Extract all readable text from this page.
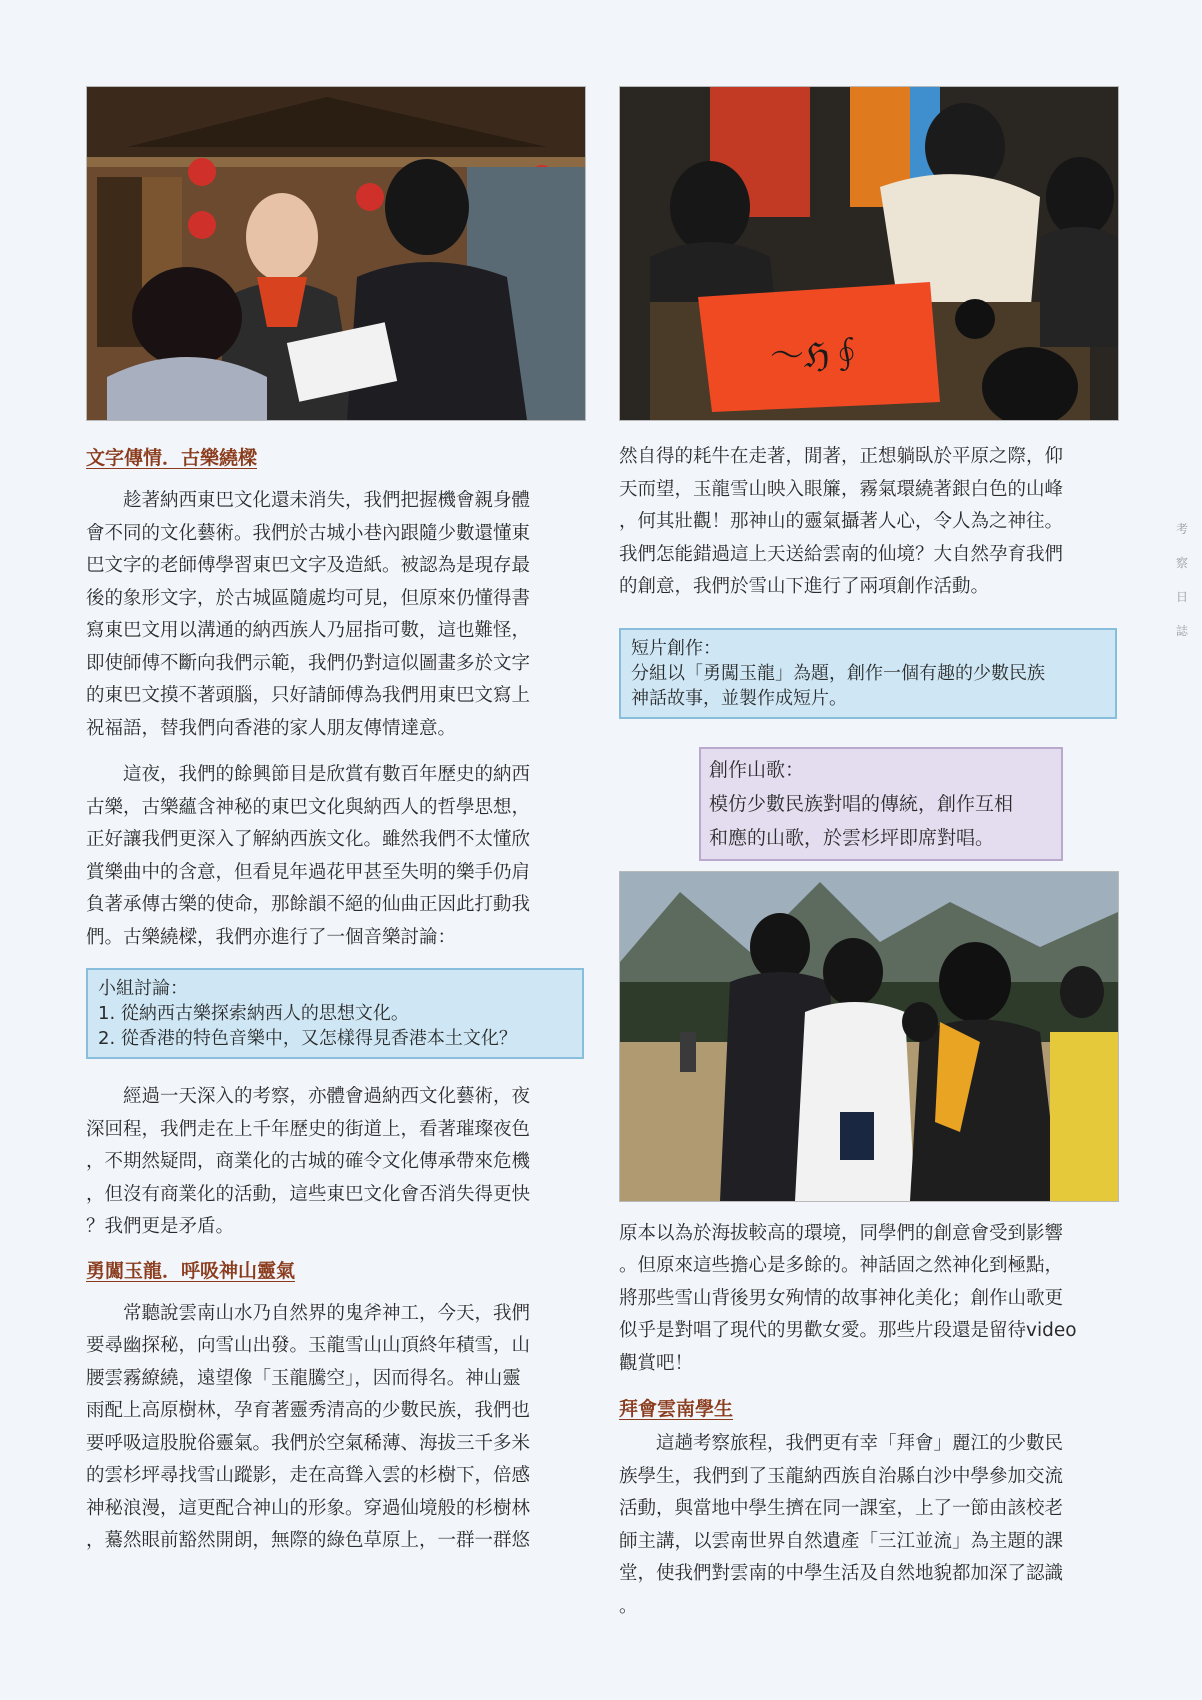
考
察
日
誌

文字傳情．古樂繞樑

趁著納西東巴文化還未消失，我們把握機會親身體
會不同的文化藝術。我們於古城小巷內跟隨少數還懂東
巴文字的老師傅學習東巴文字及造紙。被認為是現存最
後的象形文字，於古城區隨處均可見，但原來仍懂得書
寫東巴文用以溝通的納西族人乃屈指可數，這也難怪，
即使師傅不斷向我們示範，我們仍對這似圖畫多於文字
的東巴文摸不著頭腦，只好請師傅為我們用東巴文寫上
祝福語，替我們向香港的家人朋友傳情達意。
這夜，我們的餘興節目是欣賞有數百年歷史的納西
古樂，古樂蘊含神秘的東巴文化與納西人的哲學思想，
正好讓我們更深入了解納西族文化。雖然我們不太懂欣
賞樂曲中的含意，但看見年過花甲甚至失明的樂手仍肩
負著承傳古樂的使命，那餘韻不絕的仙曲正因此打動我
們。古樂繞樑，我們亦進行了一個音樂討論：
小組討論：
1. 從納西古樂探索納西人的思想文化。
2. 從香港的特色音樂中，又怎樣得見香港本土文化？
經過一天深入的考察，亦體會過納西文化藝術，夜
深回程，我們走在上千年歷史的街道上，看著璀璨夜色
，不期然疑問，商業化的古城的確令文化傳承帶來危機
，但沒有商業化的活動，這些東巴文化會否消失得更快
？我們更是矛盾。

勇闖玉龍．呼吸神山靈氣

常聽說雲南山水乃自然界的鬼斧神工，今天，我們
要尋幽探秘，向雪山出發。玉龍雪山山頂終年積雪，山
腰雲霧繚繞，遠望像「玉龍騰空」，因而得名。神山靈
雨配上高原樹林，孕育著靈秀清高的少數民族，我們也
要呼吸這股脫俗靈氣。我們於空氣稀薄、海拔三千多米
的雲杉坪尋找雪山蹤影，走在高聳入雲的杉樹下，倍感
神秘浪漫，這更配合神山的形象。穿過仙境般的杉樹林
，驀然眼前豁然開朗，無際的綠色草原上，一群一群悠
〜ℌ∮
然自得的耗牛在走著，閒著，正想躺臥於平原之際，仰
天而望，玉龍雪山映入眼簾，霧氣環繞著銀白色的山峰
，何其壯觀！那神山的靈氣攝著人心，令人為之神往。
我們怎能錯過這上天送給雲南的仙境？大自然孕育我們
的創意，我們於雪山下進行了兩項創作活動。
短片創作：
分組以「勇闖玉龍」為題，創作一個有趣的少數民族
神話故事，並製作成短片。
創作山歌：
模仿少數民族對唱的傳統，創作互相
和應的山歌，於雲杉坪即席對唱。
原本以為於海拔較高的環境，同學們的創意會受到影響
。但原來這些擔心是多餘的。神話固之然神化到極點，
將那些雪山背後男女殉情的故事神化美化；創作山歌更
似乎是對唱了現代的男歡女愛。那些片段還是留待video
觀賞吧！

拜會雲南學生

這趟考察旅程，我們更有幸「拜會」麗江的少數民
族學生，我們到了玉龍納西族自治縣白沙中學參加交流
活動，與當地中學生擠在同一課室，上了一節由該校老
師主講，以雲南世界自然遺產「三江並流」為主題的課
堂，使我們對雲南的中學生活及自然地貌都加深了認識
。
